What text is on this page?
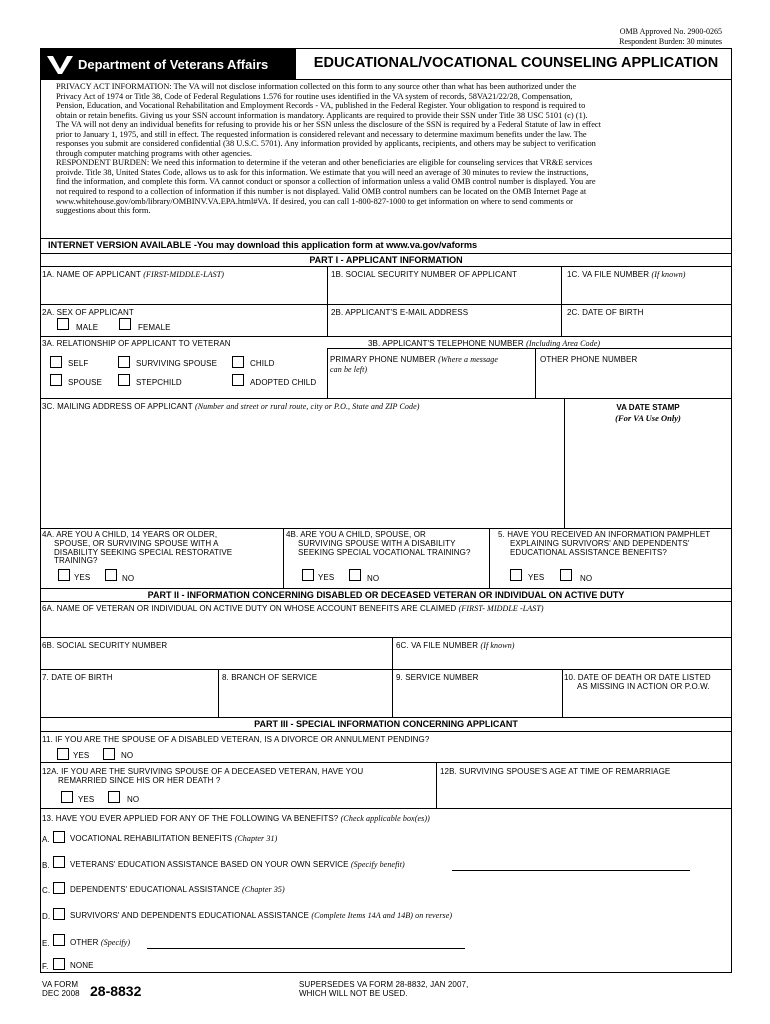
OMB Approved No. 2900-0265
Respondent Burden: 30 minutes
Department of Veterans Affairs	EDUCATIONAL/VOCATIONAL COUNSELING APPLICATION
PRIVACY ACT INFORMATION: The VA will not disclose information collected on this form to any source other than what has been authorized under the
Privacy Act of 1974 or Title 38, Code of Federal Regulations 1.576 for routine uses identified in the VA system of records, 58VA21/22/28, Compensation,
Pension, Education, and Vocational Rehabilitation and Employment Records - VA, published in the Federal Register. Your obligation to respond is required to
obtain or retain benefits. Giving us your SSN account information is mandatory. Applicants are required to provide their SSN under Title 38 USC 5101 (c) (1).
The VA will not deny an individual benefits for refusing to provide his or her SSN unless the disclosure of the SSN is required by a Federal Statute of law in effect
prior to January 1, 1975, and still in effect. The requested information is considered relevant and necessary to determine maximum benefits under the law. The
responses you submit are considered confidential (38 U.S.C. 5701). Any information provided by applicants, recipients, and others may be subject to verification
through computer matching programs with other agencies.
RESPONDENT BURDEN: We need this information to determine if the veteran and other beneficiaries are eligible for counseling services that VR&E services
proivde. Title 38, United States Code, allows us to ask for this information. We estimate that you will need an average of 30 minutes to review the instructions,
find the information, and complete this form. VA cannot conduct or sponsor a collection of information unless a valid OMB control number is displayed. You are
not required to respond to a collection of information if this number is not displayed. Valid OMB control numbers can be located on the OMB Internet Page at
www.whitehouse.gov/omb/library/OMBINV.VA.EPA.html#VA. If desired, you can call 1-800-827-1000 to get information on where to send comments or
suggestions about this form.
INTERNET VERSION AVAILABLE -You may download this application form at www.va.gov/vaforms
PART I - APPLICANT INFORMATION
1A. NAME OF APPLICANT (FIRST-MIDDLE-LAST)	1B. SOCIAL SECURITY NUMBER OF APPLICANT	1C. VA FILE NUMBER (If known)
2A. SEX OF APPLICANT
MALE	FEMALE
2B. APPLICANT'S E-MAIL ADDRESS	2C. DATE OF BIRTH
3A. RELATIONSHIP OF APPLICANT TO VETERAN
SELF	SURVIVING SPOUSE	CHILD
SPOUSE	STEPCHILD	ADOPTED CHILD
3B. APPLICANT'S TELEPHONE NUMBER (Including Area Code)
PRIMARY PHONE NUMBER (Where a message
can be left)
OTHER PHONE NUMBER
3C. MAILING ADDRESS OF APPLICANT (Number and street or rural route, city or P.O., State and ZIP Code)	VA DATE STAMP
(For VA Use Only)
4A. ARE YOU A CHILD, 14 YEARS OR OLDER,
SPOUSE, OR SURVIVING SPOUSE WITH A
DISABILITY SEEKING SPECIAL RESTORATIVE
TRAINING?
YES	NO
4B. ARE YOU A CHILD, SPOUSE, OR
SURVIVING SPOUSE WITH A DISABILITY
SEEKING SPECIAL VOCATIONAL TRAINING?
YES	NO
5. HAVE YOU RECEIVED AN INFORMATION PAMPHLET
EXPLAINING SURVIVORS' AND DEPENDENTS'
EDUCATIONAL ASSISTANCE BENEFITS?
YES	NO
PART II - INFORMATION CONCERNING DISABLED OR DECEASED VETERAN OR INDIVIDUAL ON ACTIVE DUTY
6A. NAME OF VETERAN OR INDIVIDUAL ON ACTIVE DUTY ON WHOSE ACCOUNT BENEFITS ARE CLAIMED (FIRST- MIDDLE -LAST)
6B. SOCIAL SECURITY NUMBER	6C. VA FILE NUMBER (If known)
7. DATE OF BIRTH	8. BRANCH OF SERVICE	9. SERVICE NUMBER	10. DATE OF DEATH OR DATE LISTED
AS MISSING IN ACTION OR P.O.W.
PART III - SPECIAL INFORMATION CONCERNING APPLICANT
11. IF YOU ARE THE SPOUSE OF A DISABLED VETERAN, IS A DIVORCE OR ANNULMENT PENDING?
YES	NO
12A. IF YOU ARE THE SURVIVING SPOUSE OF A DECEASED VETERAN, HAVE YOU
REMARRIED SINCE HIS OR HER DEATH ?
YES	NO
12B. SURVIVING SPOUSE'S AGE AT TIME OF REMARRIAGE
13. HAVE YOU EVER APPLIED FOR ANY OF THE FOLLOWING VA BENEFITS? (Check applicable box(es))
A.	VOCATIONAL REHABILITATION BENEFITS (Chapter 31)
B.	VETERANS' EDUCATION ASSISTANCE BASED ON YOUR OWN SERVICE (Specify benefit)
C. DEPENDENTS' EDUCATIONAL ASSISTANCE (Chapter 35)
D. SURVIVORS' AND DEPENDENTS EDUCATIONAL ASSISTANCE (Complete Items 14A and 14B) on reverse)
E.	OTHER (Specify)
F.	NONE
VA FORM
DEC 2008 28-8832	SUPERSEDES VA FORM 28-8832, JAN 2007,
WHICH WILL NOT BE USED.
